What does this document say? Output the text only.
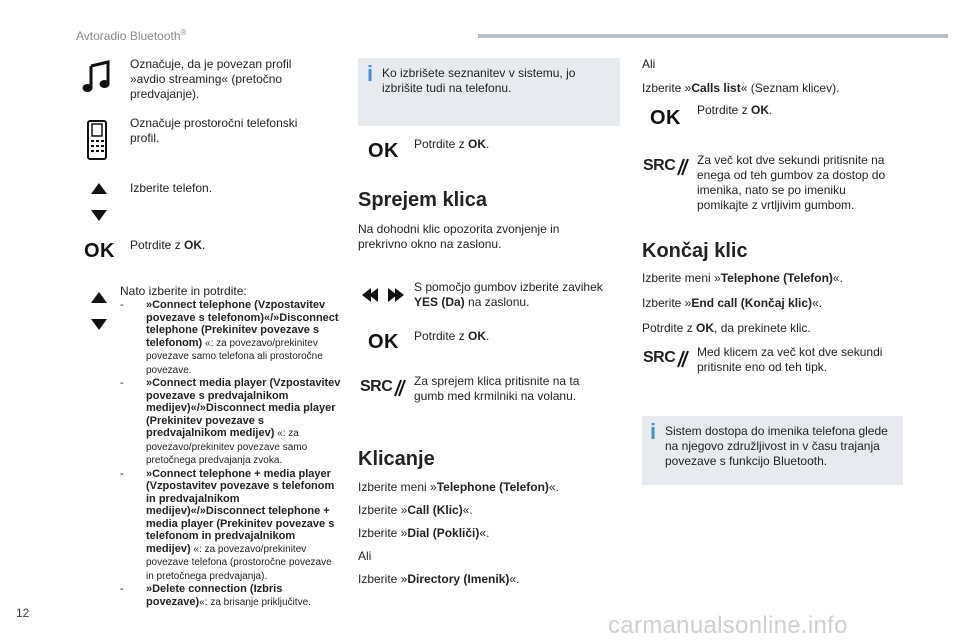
Avtoradio Bluetooth®
Označuje, da je povezan profil »avdio streaming« (pretočno predvajanje).
Označuje prostoročni telefonski profil.
Izberite telefon.
OK Potrdite z OK.
Nato izberite in potrdite:
- »Connect telephone (Vzpostavitev povezave s telefonom)«/»Disconnect telephone (Prekinitev povezave s telefonom) «: za povezavo/prekinitev povezave samo telefona ali prostoročne povezave.
- »Connect media player (Vzpostavitev povezave s predvajalnikom medijev)«/»Disconnect media player (Prekinitev povezave s predvajalnikom medijev) «: za povezavo/prekinitev povezave samo pretočnega predvajanja zvoka.
- »Connect telephone + media player (Vzpostavitev povezave s telefonom in predvajalnikom medijev)«/»Disconnect telephone + media player (Prekinitev povezave s telefonom in predvajalnikom medijev) «: za povezavo/prekinitev povezave telefona (prostoročne povezave in pretočnega predvajanja).
- »Delete connection (Izbris povezave)«: za brisanje priključitve.
i Ko izbrišete seznanitev v sistemu, jo izbrišite tudi na telefonu.
OK Potrdite z OK.
Sprejem klica
Na dohodni klic opozorita zvonjenje in prekrivno okno na zaslonu.
S pomočjo gumbov izberite zavihek YES (Da) na zaslonu.
OK Potrdite z OK.
SRC Za sprejem klica pritisnite na ta gumb med krmilniki na volanu.
Klicanje
Izberite meni »Telephone (Telefon)«.
Izberite »Call (Klic)«.
Izberite »Dial (Pokliči)«.
Ali
Izberite »Directory (Imenik)«.
Ali
Izberite »Calls list« (Seznam klicev).
OK Potrdite z OK.
SRC Za več kot dve sekundi pritisnite na enega od teh gumbov za dostop do imenika, nato se po imeniku pomikajte z vrtljivim gumbom.
Končaj klic
Izberite meni »Telephone (Telefon)«.
Izberite »End call (Končaj klic)«.
Potrdite z OK, da prekinete klic.
SRC Med klicem za več kot dve sekundi pritisnite eno od teh tipk.
i Sistem dostopa do imenika telefona glede na njegovo združljivost in v času trajanja povezave s funkcijo Bluetooth.
12	carmanualsonline.info
